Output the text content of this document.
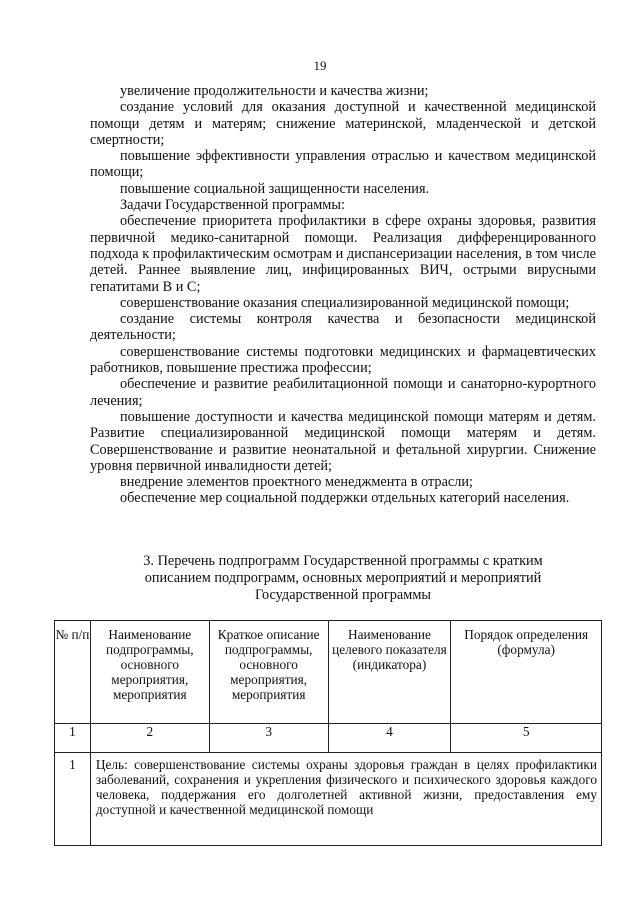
19

увеличение продолжительности и качества жизни;

создание условий для оказания доступной и качественной медицинской помощи детям и матерям; снижение материнской, младенческой и детской смертности;

повышение эффективности управления отраслью и качеством медицинской помощи;

повышение социальной защищенности населения.

Задачи Государственной программы:

обеспечение приоритета профилактики в сфере охраны здоровья, развития первичной медико-санитарной помощи. Реализация дифференцированного подхода к профилактическим осмотрам и диспансеризации населения, в том числе детей. Раннее выявление лиц, инфицированных ВИЧ, острыми вирусными гепатитами В и С;

совершенствование оказания специализированной медицинской помощи;

создание системы контроля качества и безопасности медицинской деятельности;

совершенствование системы подготовки медицинских и фармацевтических работников, повышение престижа профессии;

обеспечение и развитие реабилитационной помощи и санаторно-курортного лечения;

повышение доступности и качества медицинской помощи матерям и детям. Развитие специализированной медицинской помощи матерям и детям. Совершенствование и развитие неонатальной и фетальной хирургии. Снижение уровня первичной инвалидности детей;

внедрение элементов проектного менеджмента в отрасли;

обеспечение мер социальной поддержки отдельных категорий населения.

3. Перечень подпрограмм Государственной программы с кратким
описанием подпрограмм, основных мероприятий и мероприятий
Государственной программы
№ п/п	Наименование подпрограммы, основного мероприятия, мероприятия	Краткое описание подпрограммы, основного мероприятия, мероприятия	Наименование целевого показателя (индикатора)	Порядок определения (формула)
1	2	3	4	5
1	Цель: совершенствование системы охраны здоровья граждан в целях профилактики заболеваний, сохранения и укрепления физического и психического здоровья каждого человека, поддержания его долголетней активной жизни, предоставления ему доступной и качественной медицинской помощи			
